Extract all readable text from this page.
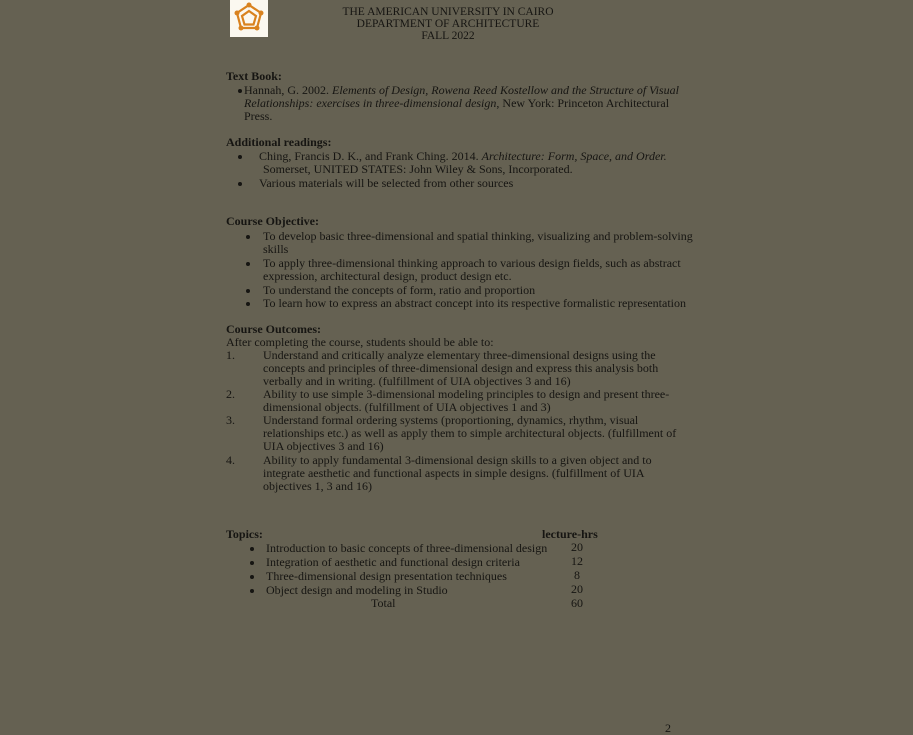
THE AMERICAN UNIVERSITY IN CAIRO
DEPARTMENT OF ARCHITECTURE
FALL 2022
Text Book:
Hannah, G. 2002. Elements of Design, Rowena Reed Kostellow and the Structure of Visual
Relationships: exercises in three-dimensional design, New York: Princeton Architectural
Press.
Additional readings:
Ching, Francis D. K., and Frank Ching. 2014. Architecture: Form, Space, and Order.
Somerset, UNITED STATES: John Wiley & Sons, Incorporated.
Various materials will be selected from other sources
Course Objective:
To develop basic three-dimensional and spatial thinking, visualizing and problem-solving
skills
To apply three-dimensional thinking approach to various design fields, such as abstract
expression, architectural design, product design etc.
To understand the concepts of form, ratio and proportion
To learn how to express an abstract concept into its respective formalistic representation
Course Outcomes:
After completing the course, students should be able to:
1. Understand and critically analyze elementary three-dimensional designs using the
concepts and principles of three-dimensional design and express this analysis both
verbally and in writing. (fulfillment of UIA objectives 3 and 16)
2. Ability to use simple 3-dimensional modeling principles to design and present three-
dimensional objects. (fulfillment of UIA objectives 1 and 3)
3. Understand formal ordering systems (proportioning, dynamics, rhythm, visual
relationships etc.) as well as apply them to simple architectural objects. (fulfillment of
UIA objectives 3 and 16)
4. Ability to apply fundamental 3-dimensional design skills to a given object and to
integrate aesthetic and functional aspects in simple designs. (fulfillment of UIA
objectives 1, 3 and 16)
Topics:	lecture-hrs
Introduction to basic concepts of three-dimensional design	20
Integration of aesthetic and functional design criteria	12
Three-dimensional design presentation techniques	8
Object design and modeling in Studio	20
Total	60
2
